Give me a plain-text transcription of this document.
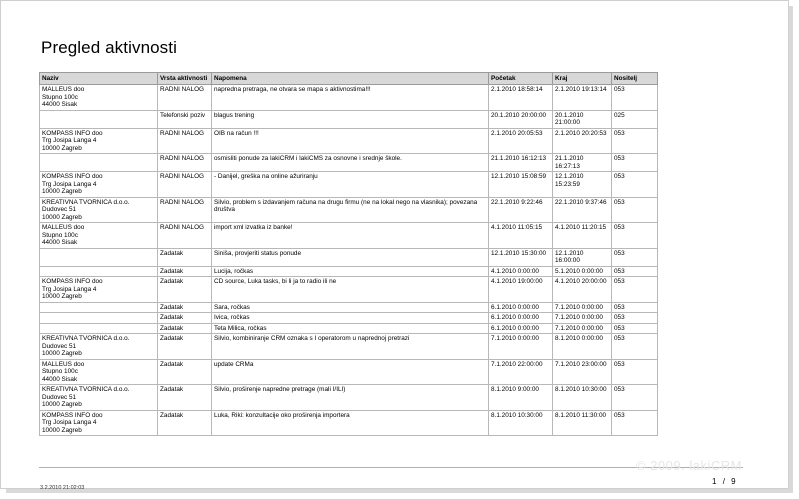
Pregled aktivnosti
Naziv	Vrsta aktivnosti	Napomena	Početak	Kraj	Nositelj

MALLEUS doo
Stupno 100c
44000 Sisak	RADNI NALOG	napredna pretraga, ne otvara se mapa s aktivnostima!!!	2.1.2010 18:58:14	2.1.2010 19:13:14	053
	Telefonski poziv	blagus trening	20.1.2010 20:00:00	20.1.2010 21:00:00	025

KOMPASS INFO doo
Trg Josipa Langa 4
10000 Zagreb	RADNI NALOG	OIB na račun !!!	2.1.2010 20:05:53	2.1.2010 20:20:53	053
	RADNI NALOG	osmisliti ponude za lakiCRM i lakiCMS za osnovne i srednje škole.	21.1.2010 16:12:13	21.1.2010 16:27:13	053

KOMPASS INFO doo
Trg Josipa Langa 4
10000 Zagreb	RADNI NALOG	- Danijel, greška na online ažuriranju	12.1.2010 15:08:59	12.1.2010 15:23:59	053

KREATIVNA TVORNICA d.o.o.
Dudovec 51
10000 Zagreb	RADNI NALOG	Silvio, problem s izdavanjem računa na drugu firmu (ne na lokal nego na vlasnika); povezana društva	22.1.2010 9:22:46	22.1.2010 9:37:46	053

MALLEUS doo
Stupno 100c
44000 Sisak	RADNI NALOG	import xml izvatka iz banke!	4.1.2010 11:05:15	4.1.2010 11:20:15	053
	Zadatak	Siniša, provjeriti status ponude	12.1.2010 15:30:00	12.1.2010 16:00:00	053
	Zadatak	Lucija, ročkas	4.1.2010 0:00:00	5.1.2010 0:00:00	053

KOMPASS INFO doo
Trg Josipa Langa 4
10000 Zagreb	Zadatak	CD source, Luka tasks, bi li ja to radio ili ne	4.1.2010 19:00:00	4.1.2010 20:00:00	053
	Zadatak	Sara, ročkas	6.1.2010 0:00:00	7.1.2010 0:00:00	053
	Zadatak	Ivica, ročkas	6.1.2010 0:00:00	7.1.2010 0:00:00	053
	Zadatak	Teta Milica, ročkas	6.1.2010 0:00:00	7.1.2010 0:00:00	053

KREATIVNA TVORNICA d.o.o.
Dudovec 51
10000 Zagreb	Zadatak	Silvio, kombiniranje CRM oznaka s I operatorom u naprednoj pretrazi	7.1.2010 0:00:00	8.1.2010 0:00:00	053

MALLEUS doo
Stupno 100c
44000 Sisak	Zadatak	update CRMa	7.1.2010 22:00:00	7.1.2010 23:00:00	053

KREATIVNA TVORNICA d.o.o.
Dudovec 51
10000 Zagreb	Zadatak	Silvio, proširenje napredne pretrage (mali I/ILI)	8.1.2010 9:00:00	8.1.2010 10:30:00	053

KOMPASS INFO doo
Trg Josipa Langa 4
10000 Zagreb	Zadatak	Luka, Riki: konzultacije oko proširenja importera	8.1.2010 10:30:00	8.1.2010 11:30:00	053
© 2009. lakiCRM
3.2.2010 21:02:03
1 / 9
